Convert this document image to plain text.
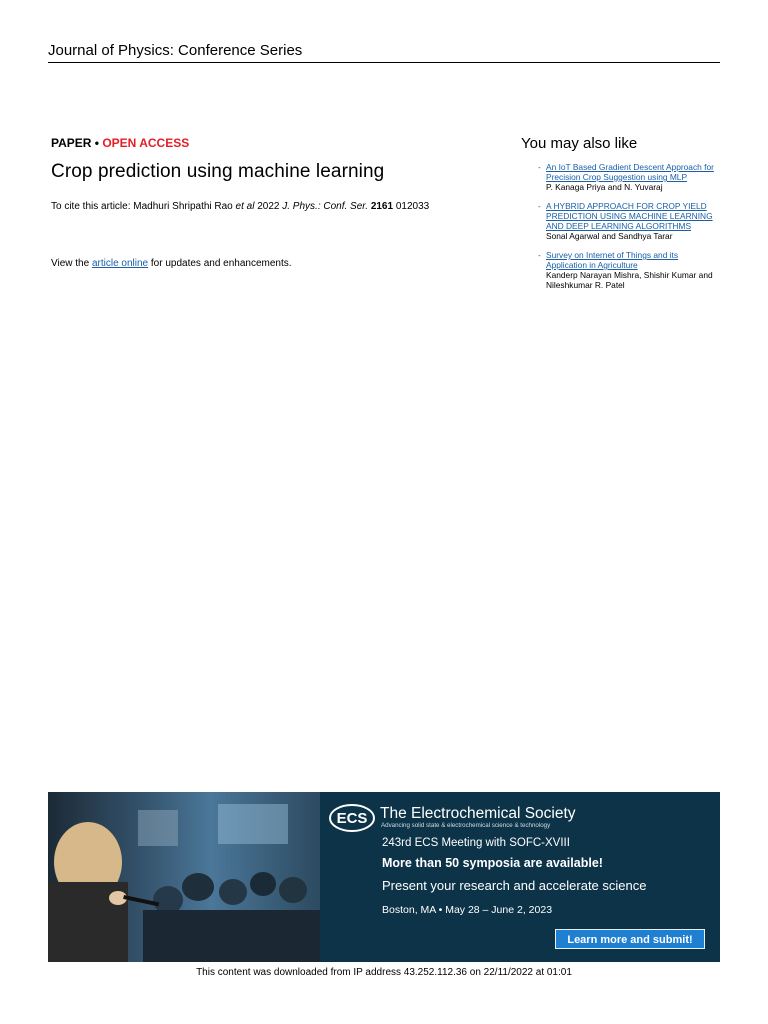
Journal of Physics: Conference Series
PAPER • OPEN ACCESS
Crop prediction using machine learning
To cite this article: Madhuri Shripathi Rao et al 2022 J. Phys.: Conf. Ser. 2161 012033
View the article online for updates and enhancements.
You may also like
- An IoT Based Gradient Descent Approach for Precision Crop Suggestion using MLP
P. Kanaga Priya and N. Yuvaraj
- A HYBRID APPROACH FOR CROP YIELD PREDICTION USING MACHINE LEARNING AND DEEP LEARNING ALGORITHMS
Sonal Agarwal and Sandhya Tarar
- Survey on Internet of Things and its Application in Agriculture
Kanderp Narayan Mishra, Shishir Kumar and Nileshkumar R. Patel
ECS The Electrochemical Society
Advancing solid state & electrochemical science & technology
243rd ECS Meeting with SOFC-XVIII
More than 50 symposia are available!
Present your research and accelerate science
Boston, MA • May 28 – June 2, 2023
Learn more and submit!
This content was downloaded from IP address 43.252.112.36 on 22/11/2022 at 01:01
